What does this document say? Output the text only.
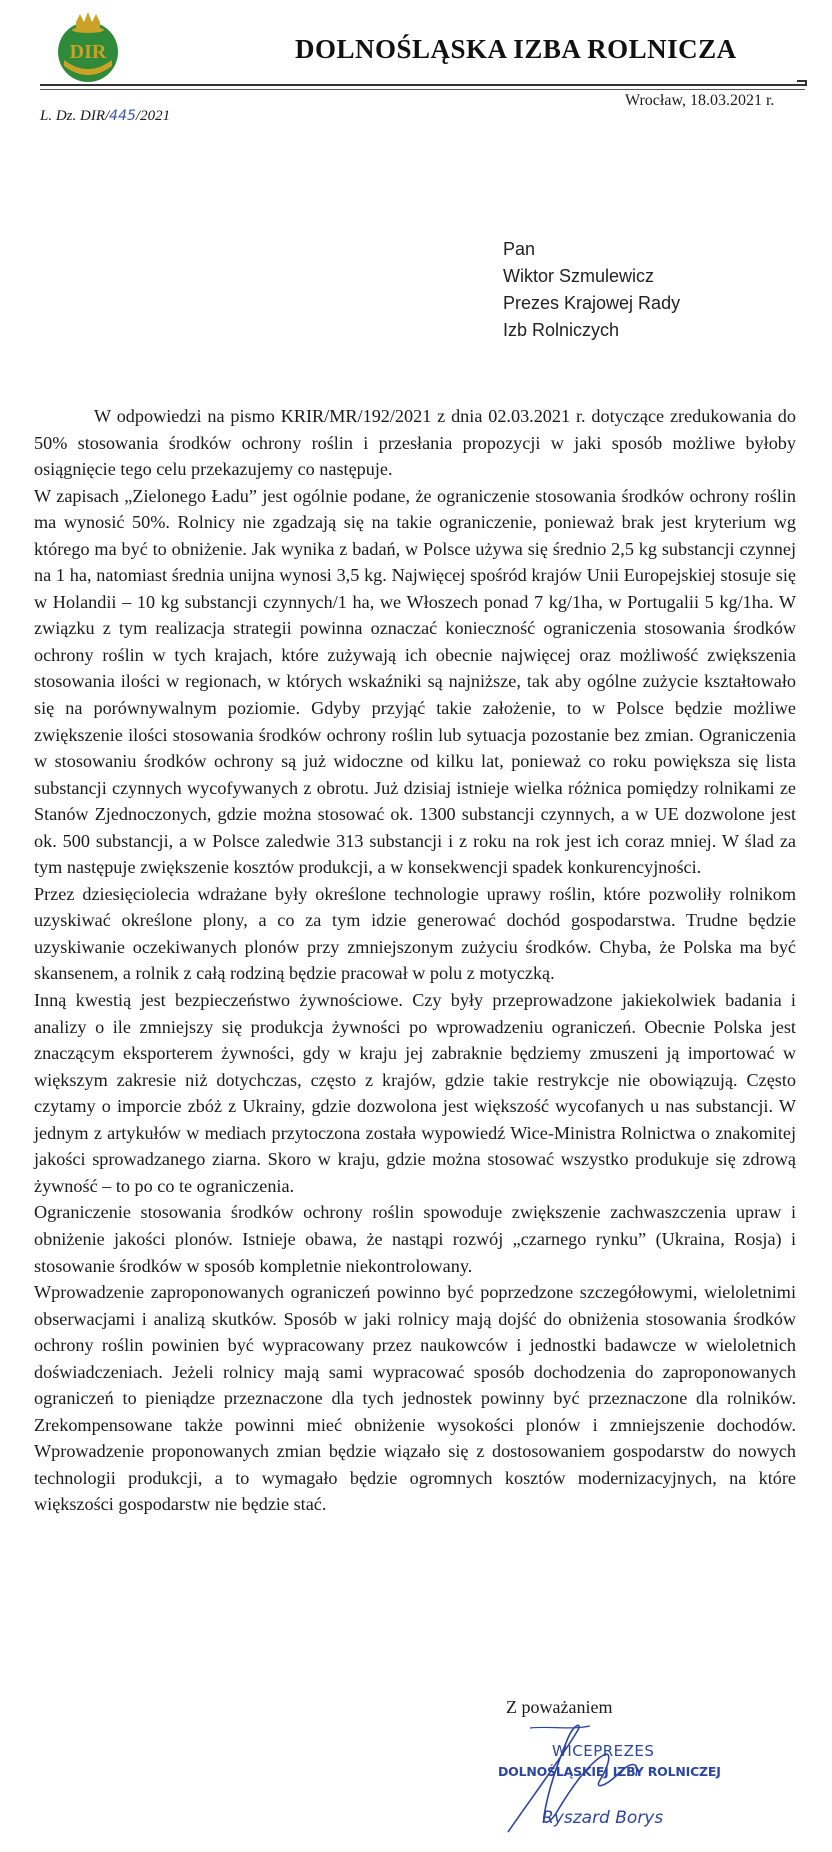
DIR	DOLNOŚLĄSKA IZBA ROLNICZA
Wrocław, 18.03.2021 r.
L. Dz. DIR/445/2021
Pan
Wiktor Szmulewicz
Prezes Krajowej Rady
Izb Rolniczych

W odpowiedzi na pismo KRIR/MR/192/2021 z dnia 02.03.2021 r. dotyczące zredukowania do 50% stosowania środków ochrony roślin i przesłania propozycji w jaki sposób możliwe byłoby osiągnięcie tego celu przekazujemy co następuje.

W zapisach „Zielonego Ładu” jest ogólnie podane, że ograniczenie stosowania środków ochrony roślin ma wynosić 50%. Rolnicy nie zgadzają się na takie ograniczenie, ponieważ brak jest kryterium wg którego ma być to obniżenie. Jak wynika z badań, w Polsce używa się średnio 2,5 kg substancji czynnej na 1 ha, natomiast średnia unijna wynosi 3,5 kg. Najwięcej spośród krajów Unii Europejskiej stosuje się w Holandii – 10 kg substancji czynnych/1 ha, we Włoszech ponad 7 kg/1ha, w Portugalii 5 kg/1ha. W związku z tym realizacja strategii powinna oznaczać konieczność ograniczenia stosowania środków ochrony roślin w tych krajach, które zużywają ich obecnie najwięcej oraz możliwość zwiększenia stosowania ilości w regionach, w których wskaźniki są najniższe, tak aby ogólne zużycie kształtowało się na porównywalnym poziomie. Gdyby przyjąć takie założenie, to w Polsce będzie możliwe zwiększenie ilości stosowania środków ochrony roślin lub sytuacja pozostanie bez zmian. Ograniczenia w stosowaniu środków ochrony są już widoczne od kilku lat, ponieważ co roku powiększa się lista substancji czynnych wycofywanych z obrotu. Już dzisiaj istnieje wielka różnica pomiędzy rolnikami ze Stanów Zjednoczonych, gdzie można stosować ok. 1300 substancji czynnych, a w UE dozwolone jest ok. 500 substancji, a w Polsce zaledwie 313 substancji i z roku na rok jest ich coraz mniej. W ślad za tym następuje zwiększenie kosztów produkcji, a w konsekwencji spadek konkurencyjności.

Przez dziesięciolecia wdrażane były określone technologie uprawy roślin, które pozwoliły rolnikom uzyskiwać określone plony, a co za tym idzie generować dochód gospodarstwa. Trudne będzie uzyskiwanie oczekiwanych plonów przy zmniejszonym zużyciu środków. Chyba, że Polska ma być skansenem, a rolnik z całą rodziną będzie pracował w polu z motyczką.

Inną kwestią jest bezpieczeństwo żywnościowe. Czy były przeprowadzone jakiekolwiek badania i analizy o ile zmniejszy się produkcja żywności po wprowadzeniu ograniczeń. Obecnie Polska jest znaczącym eksporterem żywności, gdy w kraju jej zabraknie będziemy zmuszeni ją importować w większym zakresie niż dotychczas, często z krajów, gdzie takie restrykcje nie obowiązują. Często czytamy o imporcie zbóż z Ukrainy, gdzie dozwolona jest większość wycofanych u nas substancji. W jednym z artykułów w mediach przytoczona została wypowiedź Wice-Ministra Rolnictwa o znakomitej jakości sprowadzanego ziarna. Skoro w kraju, gdzie można stosować wszystko produkuje się zdrową żywność – to po co te ograniczenia.

Ograniczenie stosowania środków ochrony roślin spowoduje zwiększenie zachwaszczenia upraw i obniżenie jakości plonów. Istnieje obawa, że nastąpi rozwój „czarnego rynku” (Ukraina, Rosja) i stosowanie środków w sposób kompletnie niekontrolowany.

Wprowadzenie zaproponowanych ograniczeń powinno być poprzedzone szczegółowymi, wieloletnimi obserwacjami i analizą skutków. Sposób w jaki rolnicy mają dojść do obniżenia stosowania środków ochrony roślin powinien być wypracowany przez naukowców i jednostki badawcze w wieloletnich doświadczeniach. Jeżeli rolnicy mają sami wypracować sposób dochodzenia do zaproponowanych ograniczeń to pieniądze przeznaczone dla tych jednostek powinny być przeznaczone dla rolników. Zrekompensowane także powinni mieć obniżenie wysokości plonów i zmniejszenie dochodów. Wprowadzenie proponowanych zmian będzie wiązało się z dostosowaniem gospodarstw do nowych technologii produkcji, a to wymagało będzie ogromnych kosztów modernizacyjnych, na które większości gospodarstw nie będzie stać.

Z poważaniem
WICEPREZES
DOLNOŚLĄSKIEJ IZBY ROLNICZEJ
Ryszard Borys
